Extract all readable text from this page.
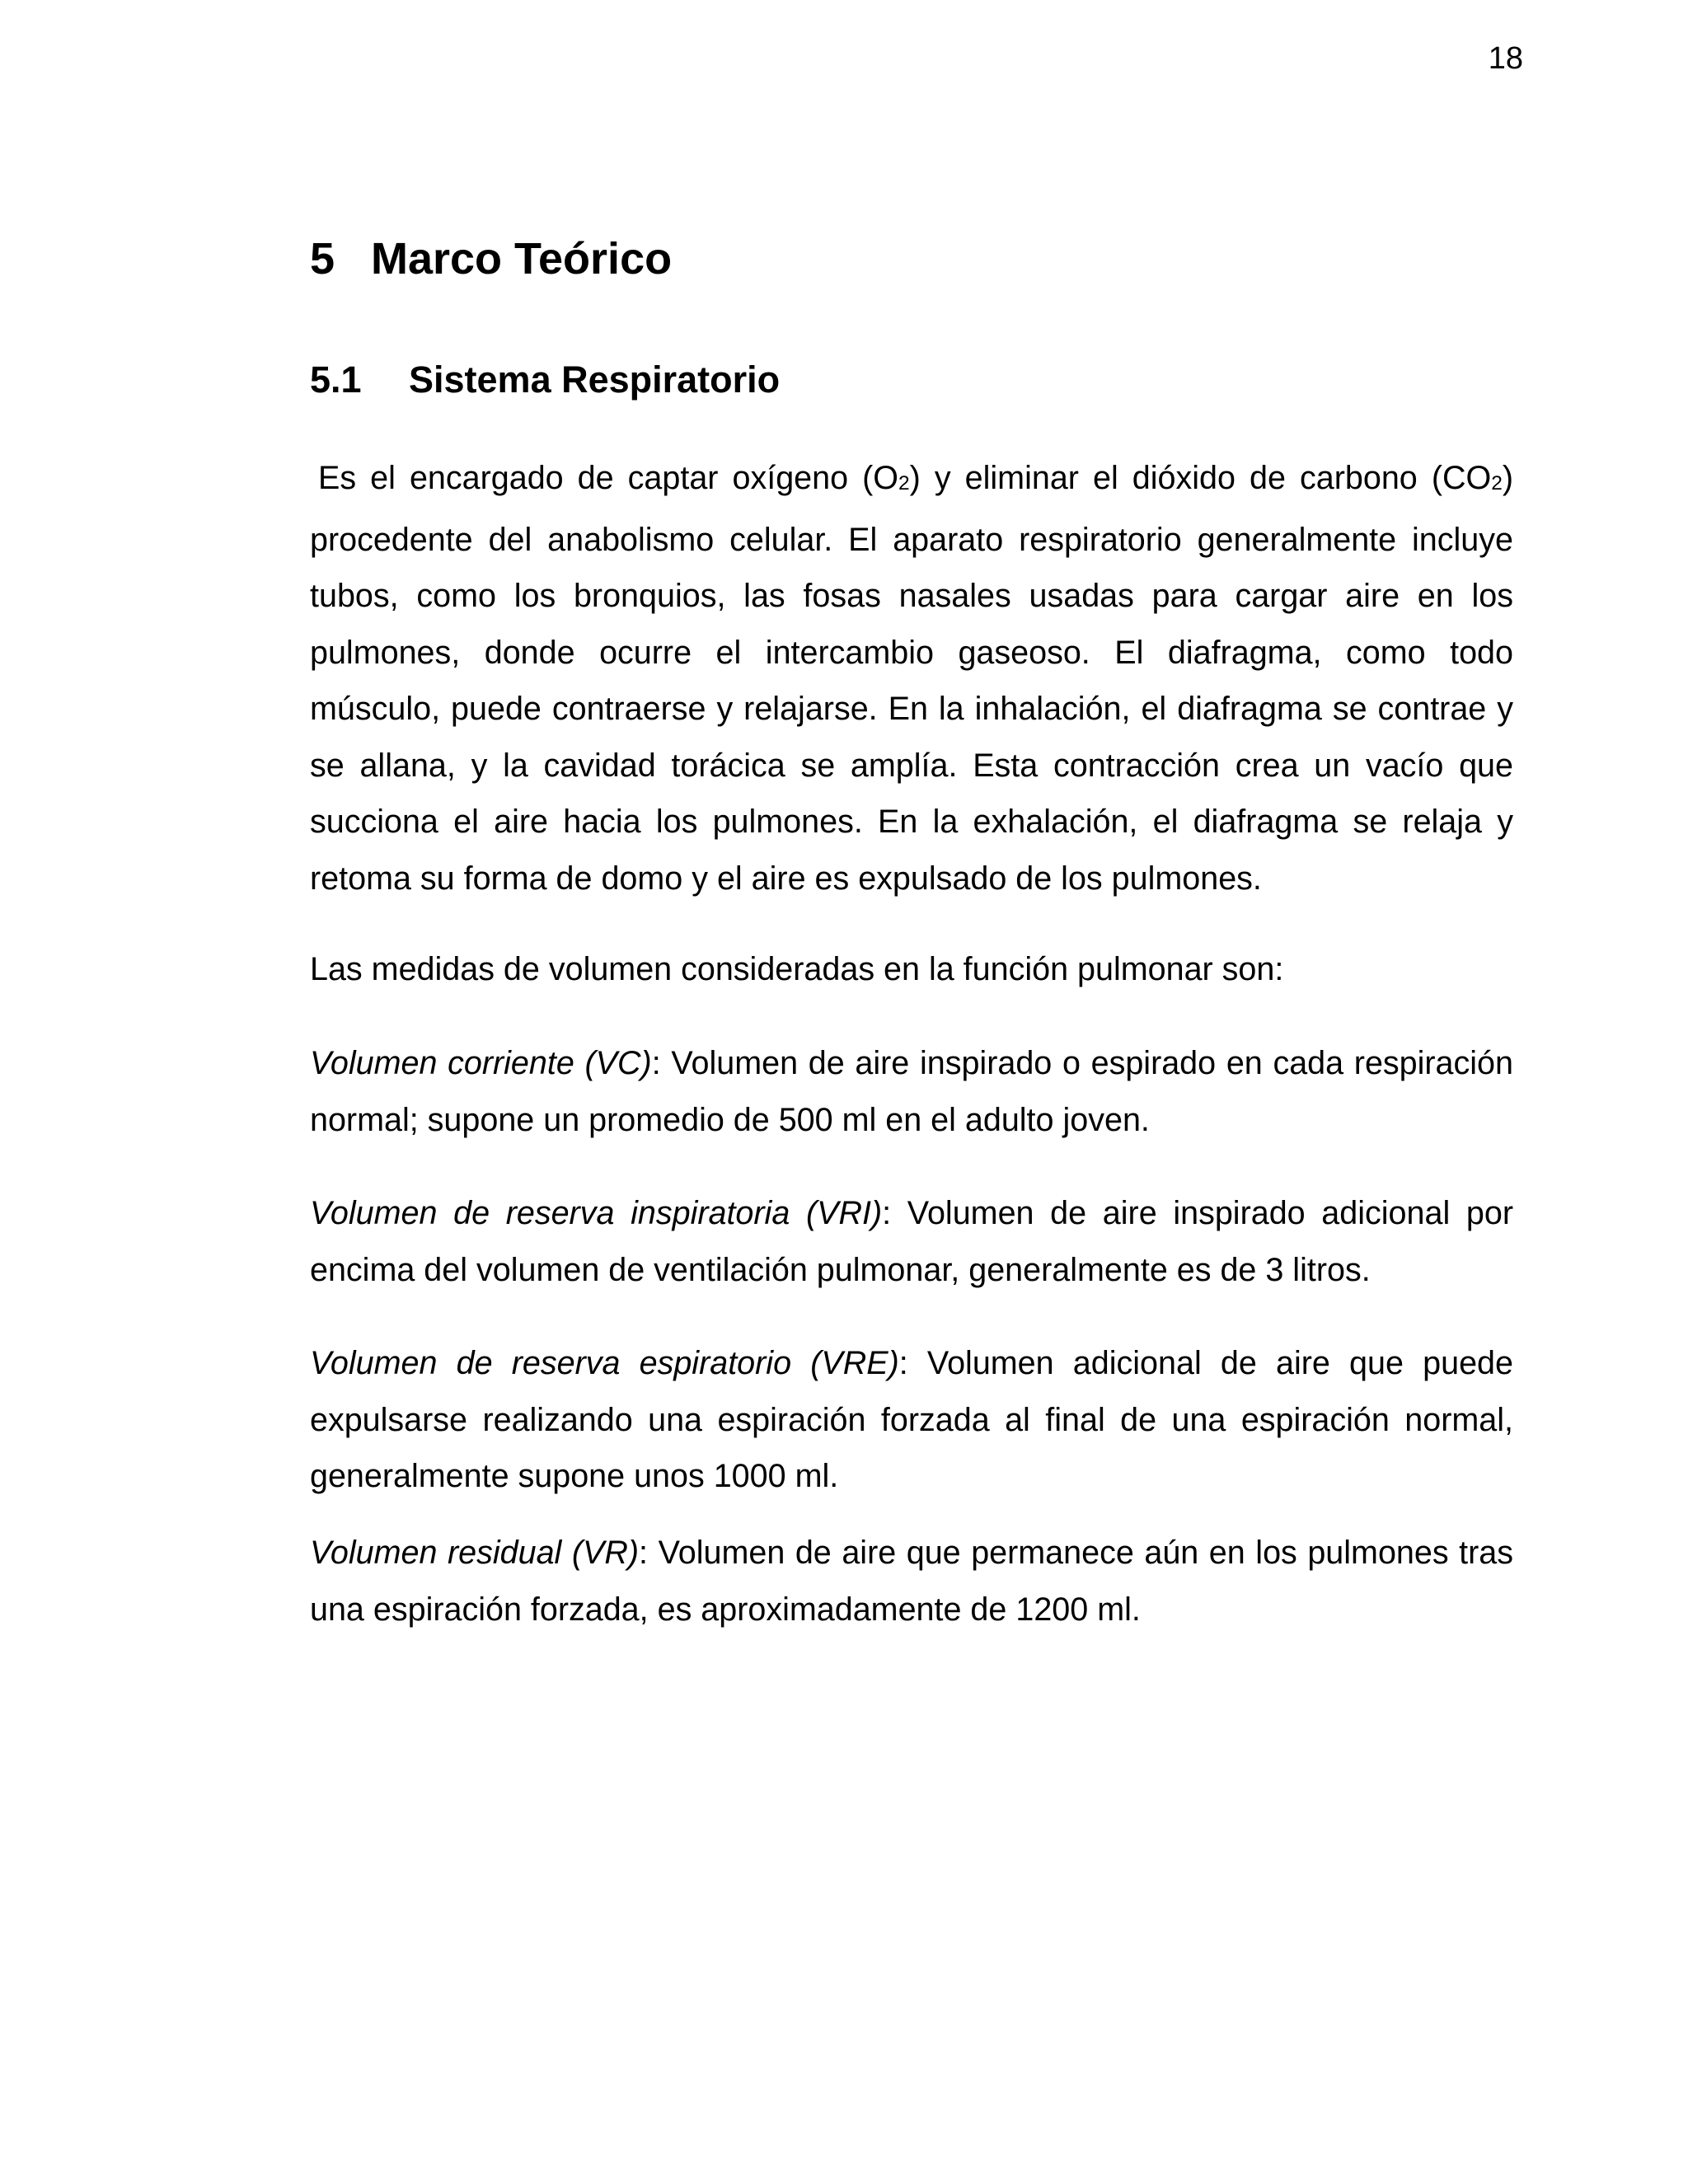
18
5 Marco Teórico
5.1 Sistema Respiratorio

Es el encargado de captar oxígeno $(O_2)$ y eliminar el dióxido de carbono $(CO_2)$ procedente del anabolismo celular. El aparato respiratorio generalmente incluye tubos, como los bronquios, las fosas nasales usadas para cargar aire en los pulmones, donde ocurre el intercambio gaseoso. El diafragma, como todo músculo, puede contraerse y relajarse. En la inhalación, el diafragma se contrae y se allana, y la cavidad torácica se amplía. Esta contracción crea un vacío que succiona el aire hacia los pulmones. En la exhalación, el diafragma se relaja y retoma su forma de domo y el aire es expulsado de los pulmones.

Las medidas de volumen consideradas en la función pulmonar son:

Volumen corriente (VC): Volumen de aire inspirado o espirado en cada respiración normal; supone un promedio de 500 ml en el adulto joven.

Volumen de reserva inspiratoria (VRI): Volumen de aire inspirado adicional por encima del volumen de ventilación pulmonar, generalmente es de 3 litros.

Volumen de reserva espiratorio (VRE): Volumen adicional de aire que puede expulsarse realizando una espiración forzada al final de una espiración normal, generalmente supone unos 1000 ml.

Volumen residual (VR): Volumen de aire que permanece aún en los pulmones tras una espiración forzada, es aproximadamente de 1200 ml.
